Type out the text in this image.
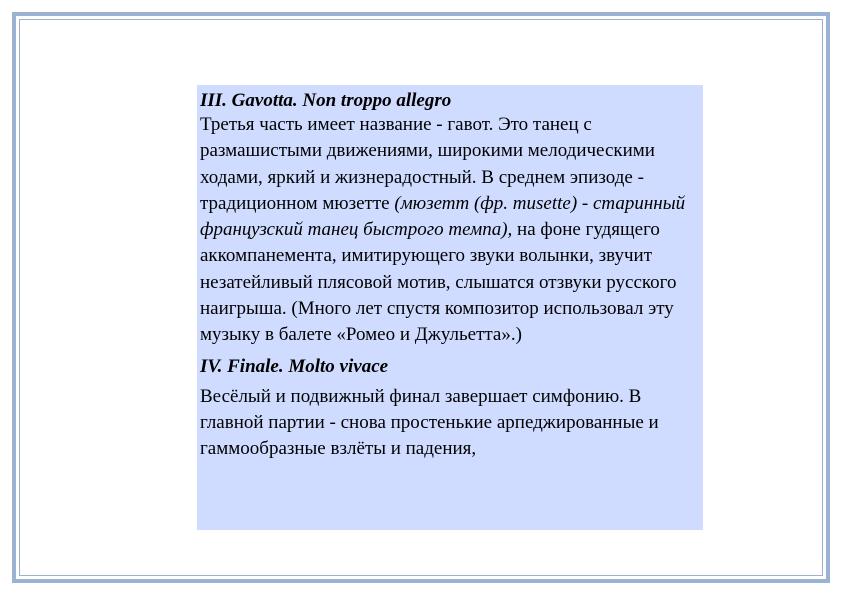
III. Gavotta. Non troppo allegro

Третья часть имеет название - гавот. Это танец с размашистыми движениями, широкими мелодическими ходами, яркий и жизнерадостный. В среднем эпизоде - традиционном мюзетте (мюзетт (фр. musette) - старинный французский танец быстрого темпа), на фоне гудящего аккомпанемента, имитирующего звуки волынки, звучит незатейливый плясовой мотив, слышатся отзвуки русского наигрыша. (Много лет спустя композитор использовал эту музыку в балете «Ромео и Джульетта».)

IV. Finale. Molto vivace

Весёлый и подвижный финал завершает симфонию. В главной партии - снова простенькие арпеджированные и гаммообразные взлёты и падения,
